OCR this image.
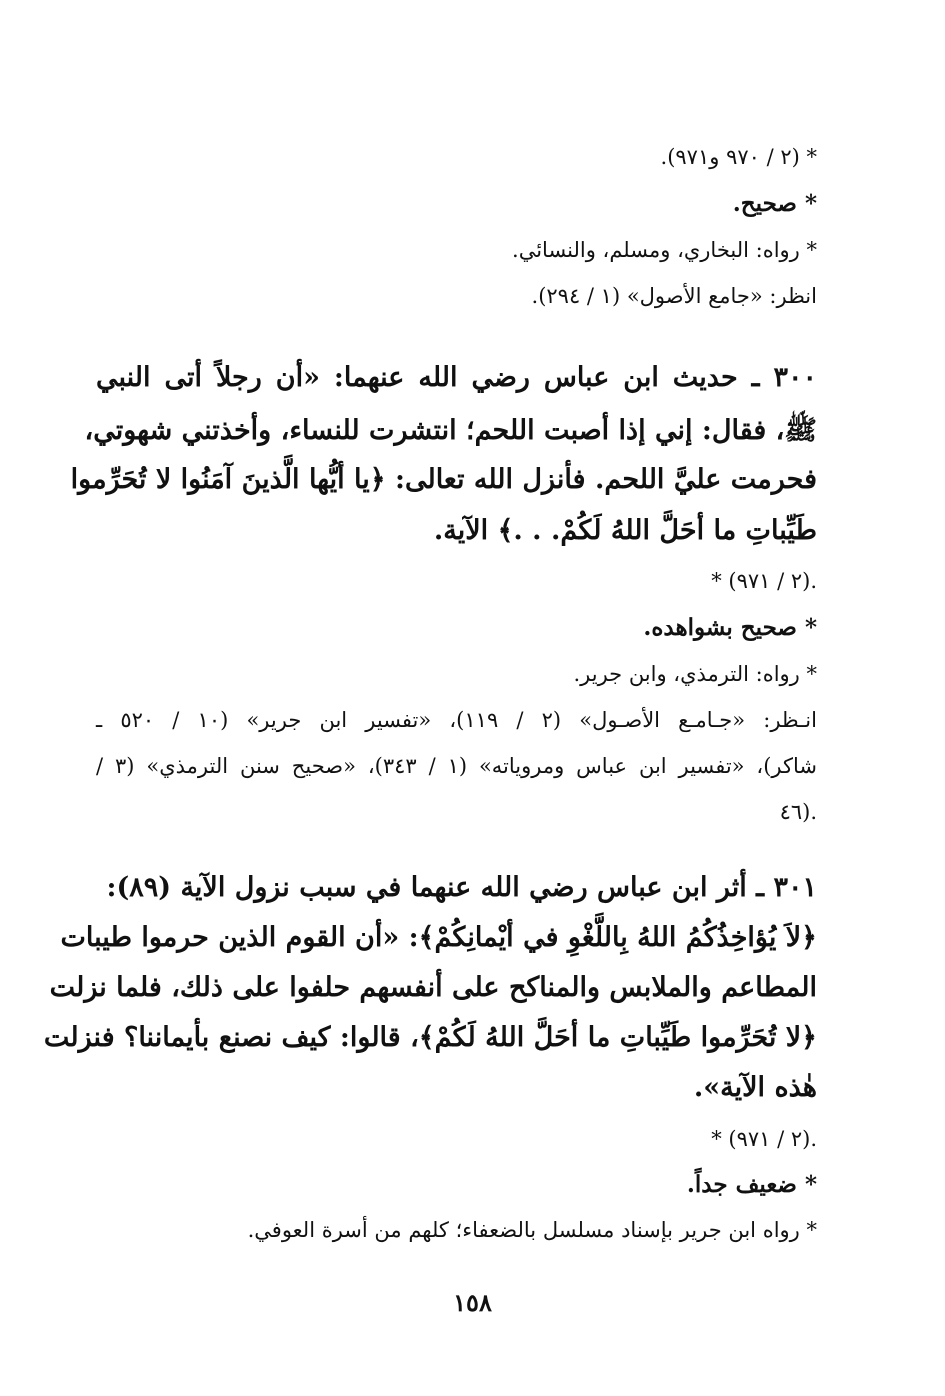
* (٢ / ٩٧٠ و٩٧١).
* صحيح.
* رواه: البخاري، ومسلم، والنسائي.
انظر: «جامع الأصول» (١ / ٢٩٤).
٣٠٠ ـ حديث ابن عباس رضي الله عنهما: «أن رجلاً أتى النبي
ﷺ، فقال: إني إذا أصبت اللحم؛ انتشرت للنساء، وأخذتني شهوتي،
فحرمت عليَّ اللحم. فأنزل الله تعالى: ﴿يا أيُّها الَّذينَ آمَنُوا لا تُحَرِّموا
طَيِّباتِ ما أحَلَّ اللهُ لَكُمْ. . .﴾ الآية.
* (٢ / ٩٧١).
* صحيح بشواهده.
* رواه: الترمذي، وابن جرير.
انـظر: «جـامـع الأصـول» (٢ / ١١٩)، «تفسير ابن جرير» (١٠ / ٥٢٠ ـ
شاكر)، «تفسير ابن عباس ومروياته» (١ / ٣٤٣)، «صحيح سنن الترمذي» (٣ /
٤٦).
٣٠١ ـ أثر ابن عباس رضي الله عنهما في سبب نزول الآية (٨٩):
﴿لاَ يُؤاخِذُكُمُ اللهُ بِاللَّغْوِ في أيْمانِكُمْ﴾: «أن القوم الذين حرموا طيبات
المطاعم والملابس والمناكح على أنفسهم حلفوا على ذلك، فلما نزلت
﴿لا تُحَرِّموا طَيِّباتِ ما أحَلَّ اللهُ لَكُمْ﴾، قالوا: كيف نصنع بأيماننا؟ فنزلت
هٰذه الآية».
* (٢ / ٩٧١).
* ضعيف جداً.
* رواه ابن جرير بإسناد مسلسل بالضعفاء؛ كلهم من أسرة العوفي.
١٥٨
